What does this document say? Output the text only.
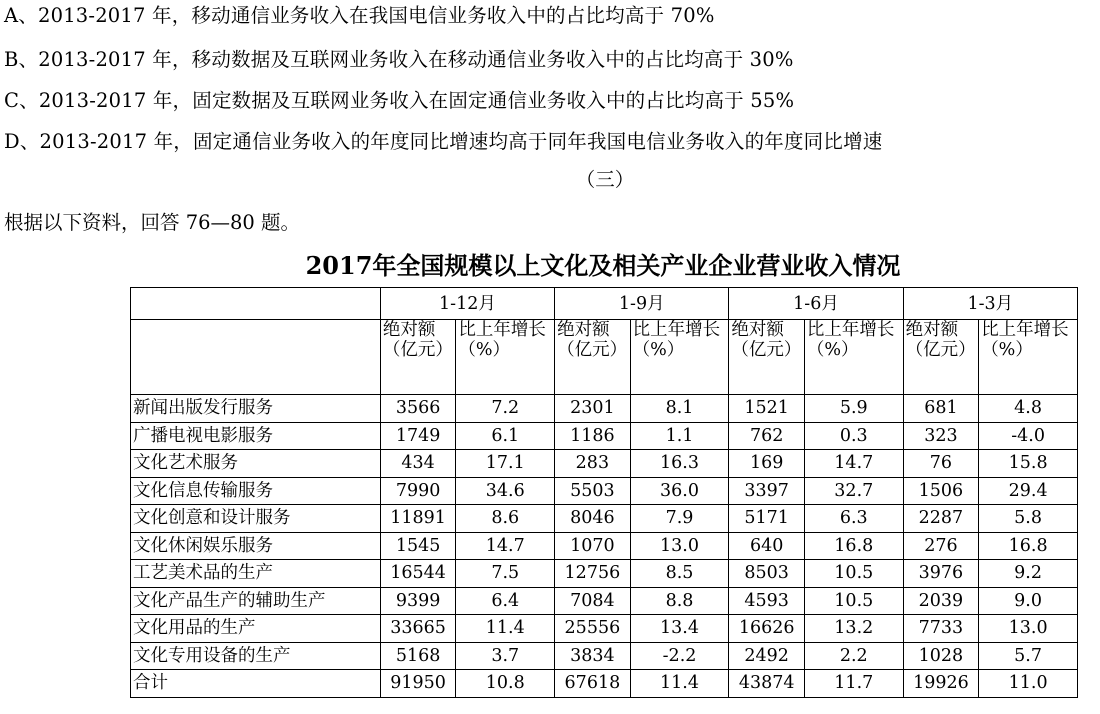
A、2013-2017 年，移动通信业务收入在我国电信业务收入中的占比均高于 70%
B、2013-2017 年，移动数据及互联网业务收入在移动通信业务收入中的占比均高于 30%
C、2013-2017 年，固定数据及互联网业务收入在固定通信业务收入中的占比均高于 55%
D、2013-2017 年，固定通信业务收入的年度同比增速均高于同年我国电信业务收入的年度同比增速
（三）
根据以下资料，回答 76—80 题。
2017年全国规模以上文化及相关产业企业营业收入情况
	1-12月		1-9月		1-6月		1-3月	
	绝对额（亿元）	比上年增长（%）	绝对额（亿元）	比上年增长（%）	绝对额（亿元）	比上年增长（%）	绝对额（亿元）	比上年增长（%）
新闻出版发行服务	3566	7.2	2301	8.1	1521	5.9	681	4.8
广播电视电影服务	1749	6.1	1186	1.1	762	0.3	323	-4.0
文化艺术服务	434	17.1	283	16.3	169	14.7	76	15.8
文化信息传输服务	7990	34.6	5503	36.0	3397	32.7	1506	29.4
文化创意和设计服务	11891	8.6	8046	7.9	5171	6.3	2287	5.8
文化休闲娱乐服务	1545	14.7	1070	13.0	640	16.8	276	16.8
工艺美术品的生产	16544	7.5	12756	8.5	8503	10.5	3976	9.2
文化产品生产的辅助生产	9399	6.4	7084	8.8	4593	10.5	2039	9.0
文化用品的生产	33665	11.4	25556	13.4	16626	13.2	7733	13.0
文化专用设备的生产	5168	3.7	3834	-2.2	2492	2.2	1028	5.7
合计	91950	10.8	67618	11.4	43874	11.7	19926	11.0
